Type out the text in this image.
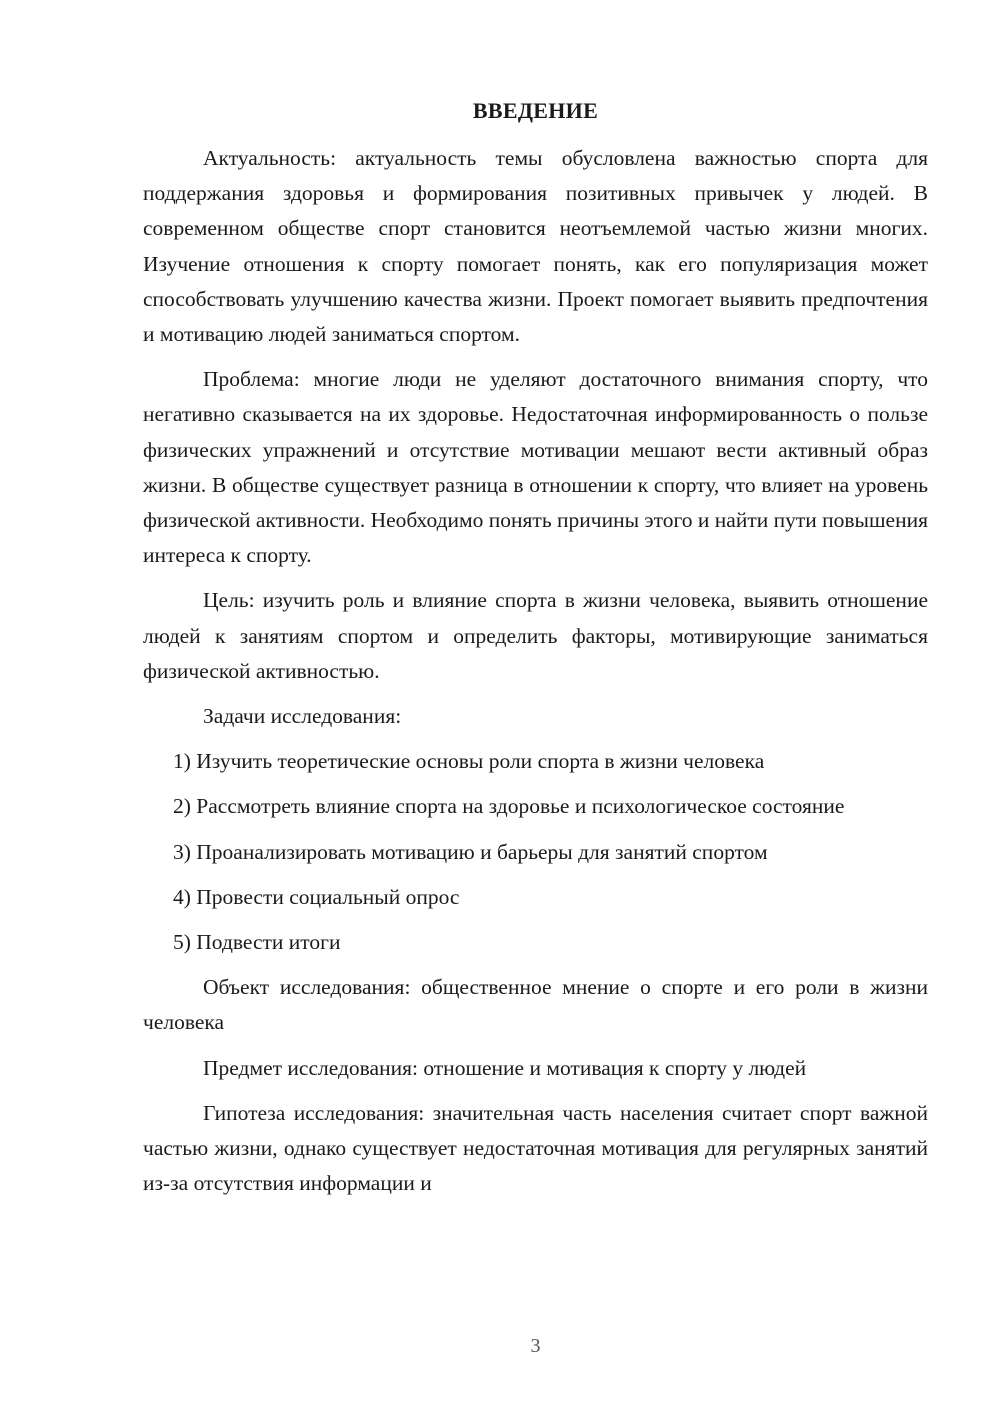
ВВЕДЕНИЕ

Актуальность: актуальность темы обусловлена важностью спорта для поддержания здоровья и формирования позитивных привычек у людей. В современном обществе спорт становится неотъемлемой частью жизни многих. Изучение отношения к спорту помогает понять, как его популяризация может способствовать улучшению качества жизни. Проект помогает выявить предпочтения и мотивацию людей заниматься спортом.

Проблема: многие люди не уделяют достаточного внимания спорту, что негативно сказывается на их здоровье. Недостаточная информированность о пользе физических упражнений и отсутствие мотивации мешают вести активный образ жизни. В обществе существует разница в отношении к спорту, что влияет на уровень физической активности. Необходимо понять причины этого и найти пути повышения интереса к спорту.

Цель: изучить роль и влияние спорта в жизни человека, выявить отношение людей к занятиям спортом и определить факторы, мотивирующие заниматься физической активностью.

Задачи исследования:

1) Изучить теоретические основы роли спорта в жизни человека

2) Рассмотреть влияние спорта на здоровье и психологическое состояние

3) Проанализировать мотивацию и барьеры для занятий спортом

4) Провести социальный опрос

5) Подвести итоги

Объект исследования: общественное мнение о спорте и его роли в жизни человека

Предмет исследования: отношение и мотивация к спорту у людей

Гипотеза исследования: значительная часть населения считает спорт важной частью жизни, однако существует недостаточная мотивация для регулярных занятий из-за отсутствия информации и

3
